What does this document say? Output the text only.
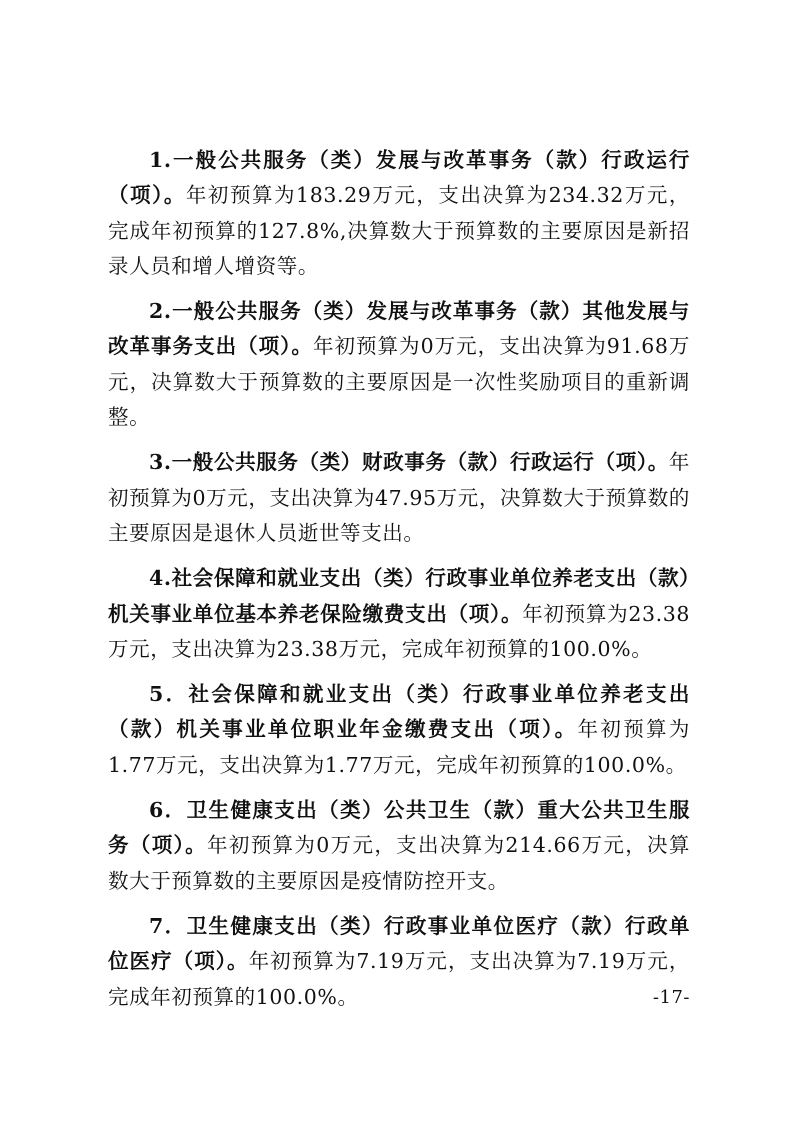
1.一般公共服务（类）发展与改革事务（款）行政运行（项）。年初预算为183.29万元，支出决算为234.32万元，完成年初预算的127.8%,决算数大于预算数的主要原因是新招录人员和增人增资等。

2.一般公共服务（类）发展与改革事务（款）其他发展与改革事务支出（项）。年初预算为0万元，支出决算为91.68万元，决算数大于预算数的主要原因是一次性奖励项目的重新调整。

3.一般公共服务（类）财政事务（款）行政运行（项）。年初预算为0万元，支出决算为47.95万元，决算数大于预算数的主要原因是退休人员逝世等支出。

4.社会保障和就业支出（类）行政事业单位养老支出（款）机关事业单位基本养老保险缴费支出（项）。年初预算为23.38万元，支出决算为23.38万元，完成年初预算的100.0%。

5．社会保障和就业支出（类）行政事业单位养老支出（款）机关事业单位职业年金缴费支出（项）。年初预算为1.77万元，支出决算为1.77万元，完成年初预算的100.0%。

6．卫生健康支出（类）公共卫生（款）重大公共卫生服务（项）。年初预算为0万元，支出决算为214.66万元，决算数大于预算数的主要原因是疫情防控开支。

7．卫生健康支出（类）行政事业单位医疗（款）行政单位医疗（项）。年初预算为7.19万元，支出决算为7.19万元，完成年初预算的100.0%。	-17-
